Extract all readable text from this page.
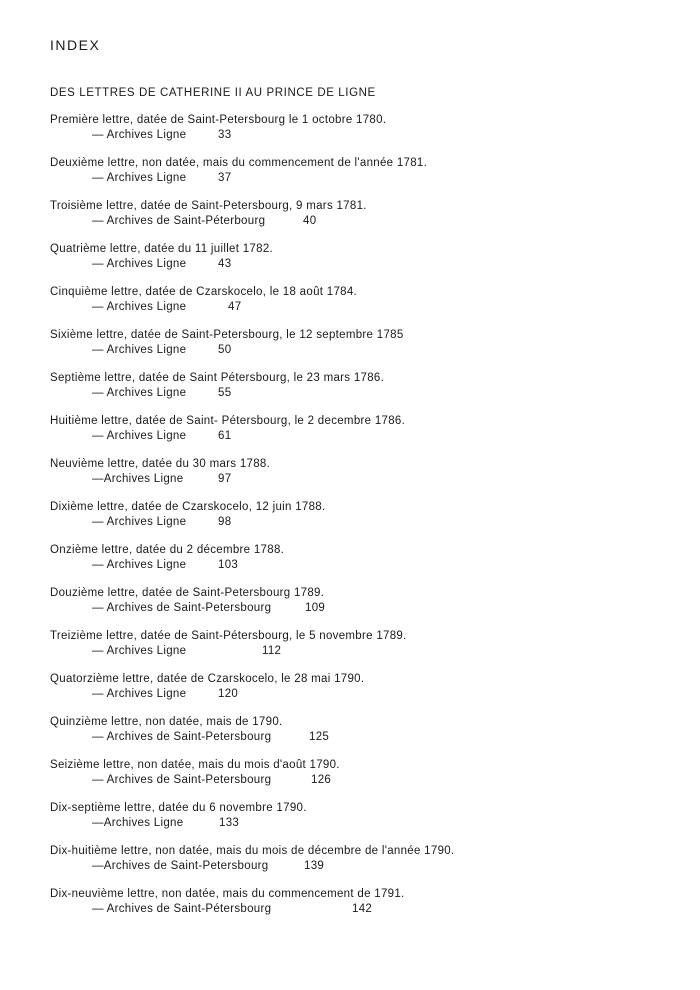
INDEX
DES LETTRES DE CATHERINE II AU PRINCE DE LIGNE
Première lettre, datée de Saint-Petersbourg le 1 octobre 1780.
— Archives Ligne	33
Deuxième lettre, non datée, mais du commencement de l'année 1781.
— Archives Ligne	37
Troisième lettre, datée de Saint-Petersbourg, 9 mars 1781.
— Archives de Saint-Péterbourg	40
Quatrième lettre, datée du 11 juillet 1782.
— Archives Ligne	43
Cinquième lettre, datée de Czarskocelo, le 18 août 1784.
— Archives Ligne	47
Sixième lettre, datée de Saint-Petersbourg, le 12 septembre 1785
— Archives Ligne	50
Septième lettre, datée de Saint Pétersbourg, le 23 mars 1786.
— Archives Ligne	55
Huitième lettre, datée de Saint- Pétersbourg, le 2 decembre 1786.
— Archives Ligne	61
Neuvième lettre, datée du 30 mars 1788.
—Archives Ligne	97
Dixième lettre, datée de Czarskocelo, 12 juin 1788.
— Archives Ligne	98
Onzième lettre, datée du 2 décembre 1788.
— Archives Ligne	103
Douzième lettre, datée de Saint-Petersbourg 1789.
— Archives de Saint-Petersbourg	109
Treizième lettre, datée de Saint-Pétersbourg, le 5 novembre 1789.
— Archives Ligne	112
Quatorzième lettre, datée de Czarskocelo, le 28 mai 1790.
— Archives Ligne	120
Quinzième lettre, non datée, mais de 1790.
— Archives de Saint-Petersbourg	125
Seizième lettre, non datée, mais du mois d'août 1790.
— Archives de Saint-Petersbourg	126
Dix-septième lettre, datée du 6 novembre 1790.
—Archives Ligne	133
Dix-huitième lettre, non datée, mais du mois de décembre de l'année 1790.
—Archives de Saint-Petersbourg	139
Dix-neuvième lettre, non datée, mais du commencement de 1791.
— Archives de Saint-Pétersbourg	142
